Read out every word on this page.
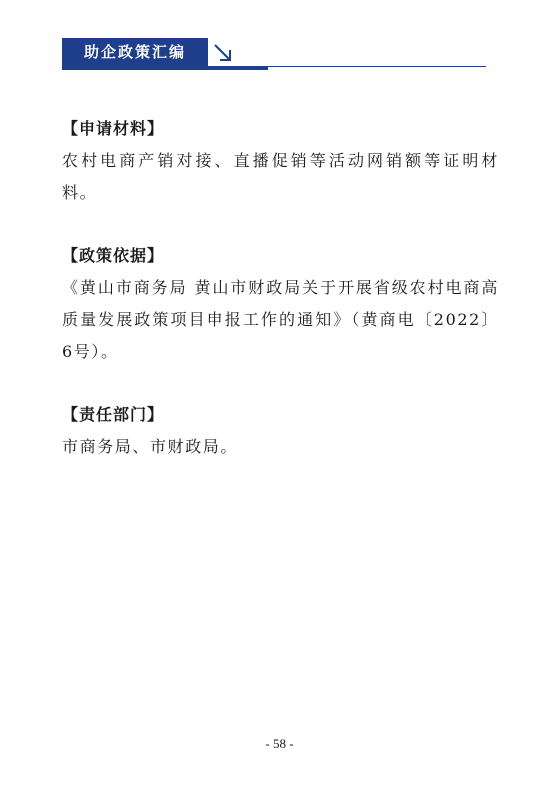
助企政策汇编

【申请材料】

农村电商产销对接、直播促销等活动网销额等证明材料。

【政策依据】

《黄山市商务局 黄山市财政局关于开展省级农村电商高质量发展政策项目申报工作的通知》（黄商电〔2022〕6号）。

【责任部门】

市商务局、市财政局。

- 58 -
